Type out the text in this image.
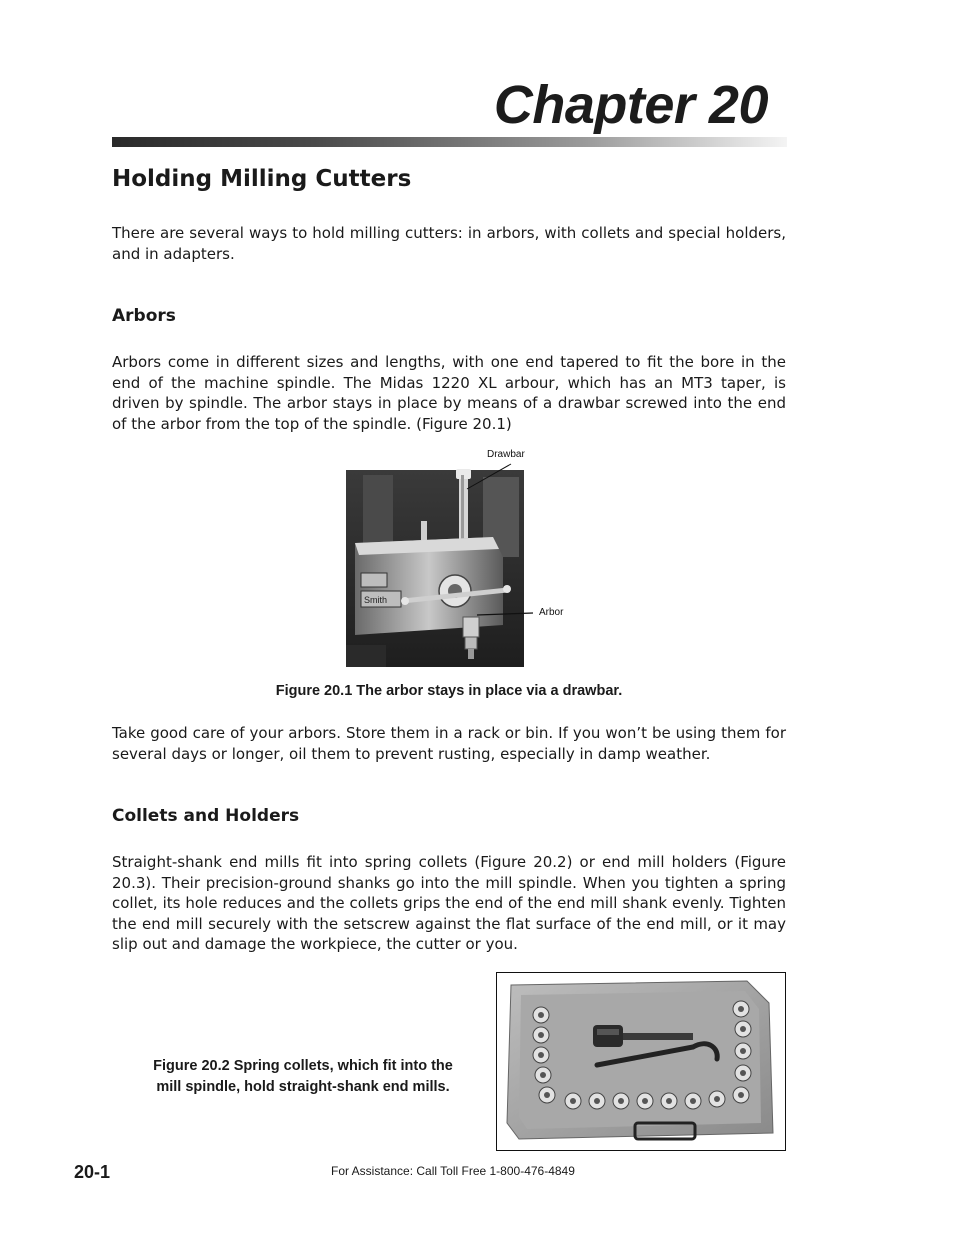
Chapter 20
Holding Milling Cutters

There are several ways to hold milling cutters: in arbors, with collets and special holders, and in adapters.

Arbors

Arbors come in different sizes and lengths, with one end tapered to fit the bore in the end of the machine spindle. The Midas 1220 XL arbour, which has an MT3 taper, is driven by spindle. The arbor stays in place by means of a drawbar screwed into the end of the arbor from the top of the spindle. (Figure 20.1)

Smith
Drawbar
Arbor

Figure 20.1 The arbor stays in place via a drawbar.

Take good care of your arbors. Store them in a rack or bin. If you won’t be using them for several days or longer, oil them to prevent rusting, especially in damp weather.

Collets and Holders

Straight-shank end mills fit into spring collets (Figure 20.2) or end mill holders (Figure 20.3). Their precision-ground shanks go into the mill spindle. When you tighten a spring collet, its hole reduces and the collets grips the end of the end mill shank evenly. Tighten the end mill securely with the setscrew against the flat surface of the end mill, or it may slip out and damage the workpiece, the cutter or you.

Figure 20.2 Spring collets, which fit into the

mill spindle, hold straight-shank end mills.

20-1	For Assistance: Call Toll Free 1-800-476-4849
